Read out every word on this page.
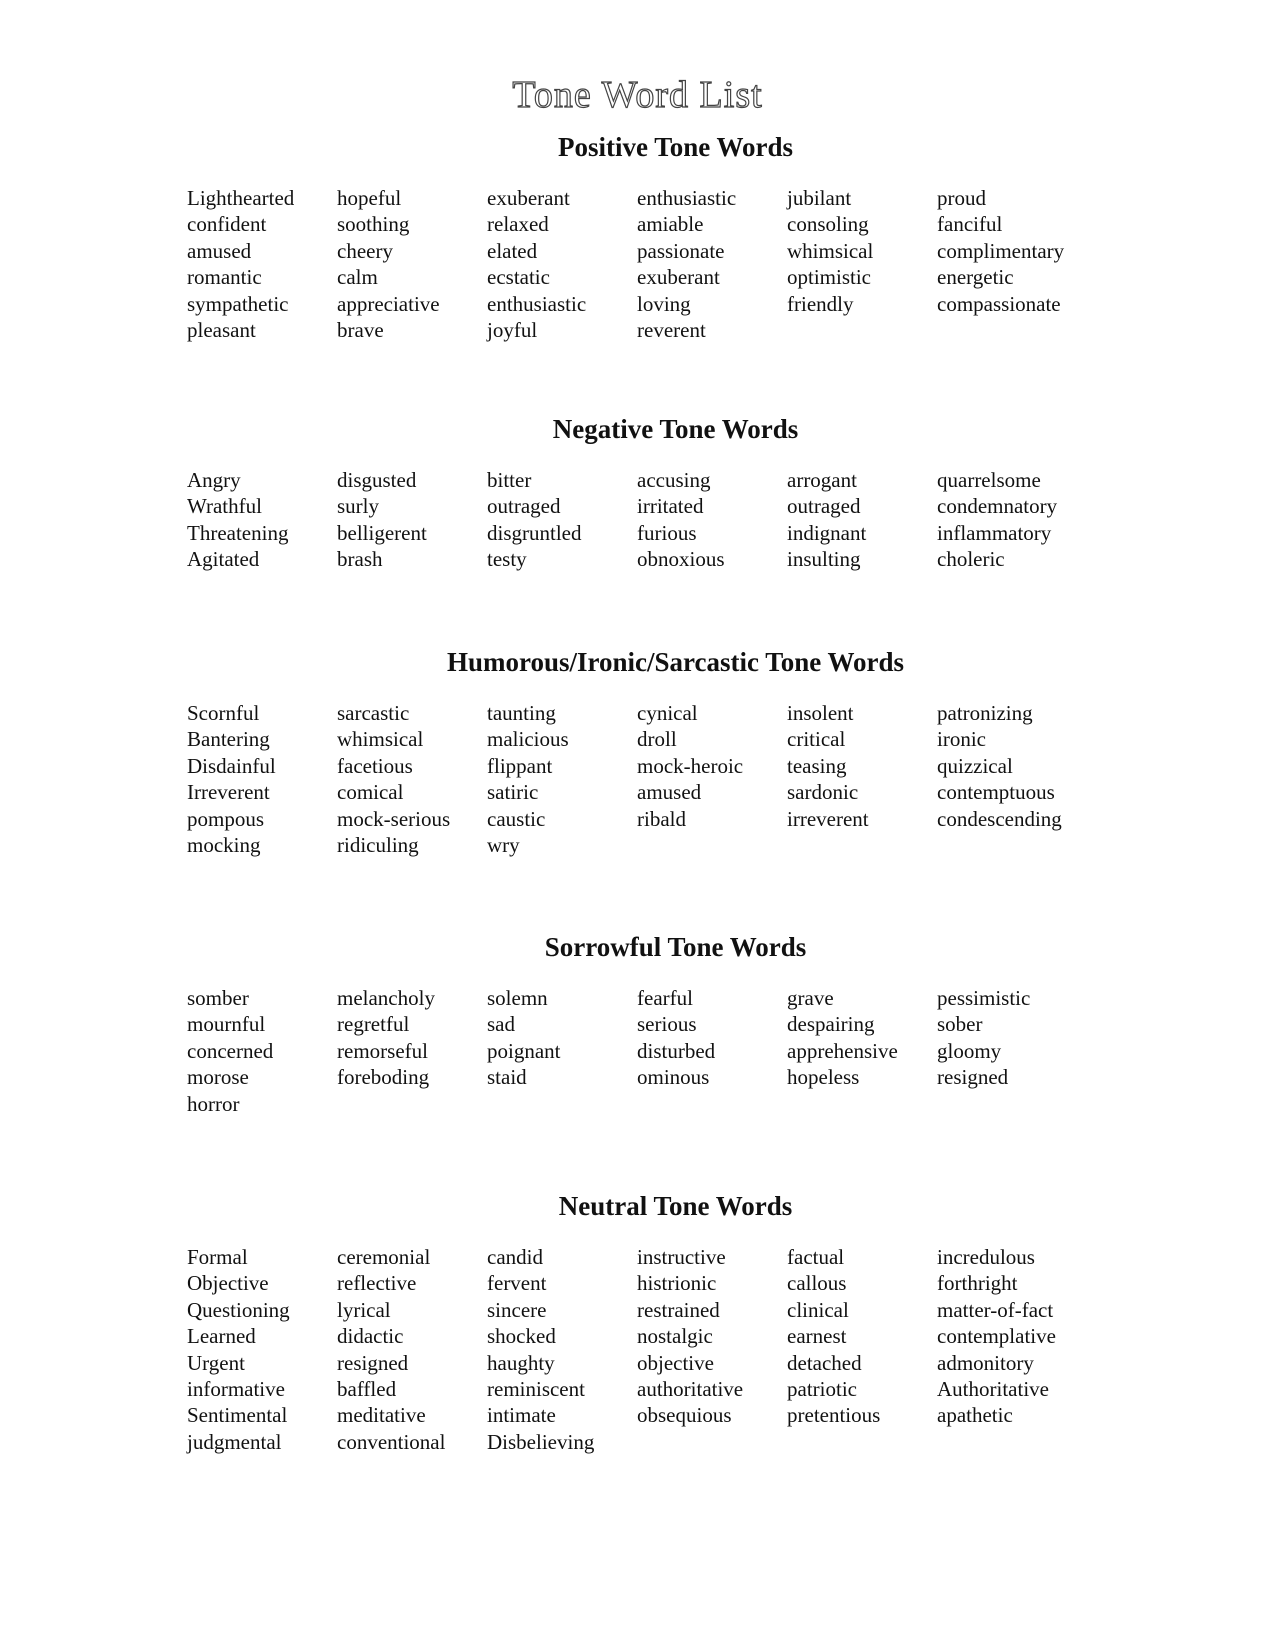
Tone Word List
Positive Tone Words
Lighthearted
confident
amused
romantic
sympathetic
pleasant
hopeful
soothing
cheery
calm
appreciative
brave
exuberant
relaxed
elated
ecstatic
enthusiastic
joyful
enthusiastic
amiable
passionate
exuberant
loving
reverent
jubilant
consoling
whimsical
optimistic
friendly
proud
fanciful
complimentary
energetic
compassionate
Negative Tone Words
Angry
Wrathful
Threatening
Agitated
disgusted
surly
belligerent
brash
bitter
outraged
disgruntled
testy
accusing
irritated
furious
obnoxious
arrogant
outraged
indignant
insulting
quarrelsome
condemnatory
inflammatory
choleric
Humorous/Ironic/Sarcastic Tone Words
Scornful
Bantering
Disdainful
Irreverent
pompous
mocking
sarcastic
whimsical
facetious
comical
mock-serious
ridiculing
taunting
malicious
flippant
satiric
caustic
wry
cynical
droll
mock-heroic
amused
ribald
insolent
critical
teasing
sardonic
irreverent
patronizing
ironic
quizzical
contemptuous
condescending
Sorrowful Tone Words
somber
mournful
concerned
morose
horror
melancholy
regretful
remorseful
foreboding
solemn
sad
poignant
staid
fearful
serious
disturbed
ominous
grave
despairing
apprehensive
hopeless
pessimistic
sober
gloomy
resigned
Neutral Tone Words
Formal
Objective
Questioning
Learned
Urgent
informative
Sentimental
judgmental
ceremonial
reflective
lyrical
didactic
resigned
baffled
meditative
conventional
candid
fervent
sincere
shocked
haughty
reminiscent
intimate
Disbelieving
instructive
histrionic
restrained
nostalgic
objective
authoritative
obsequious
factual
callous
clinical
earnest
detached
patriotic
pretentious
incredulous
forthright
matter-of-fact
contemplative
admonitory
Authoritative
apathetic
